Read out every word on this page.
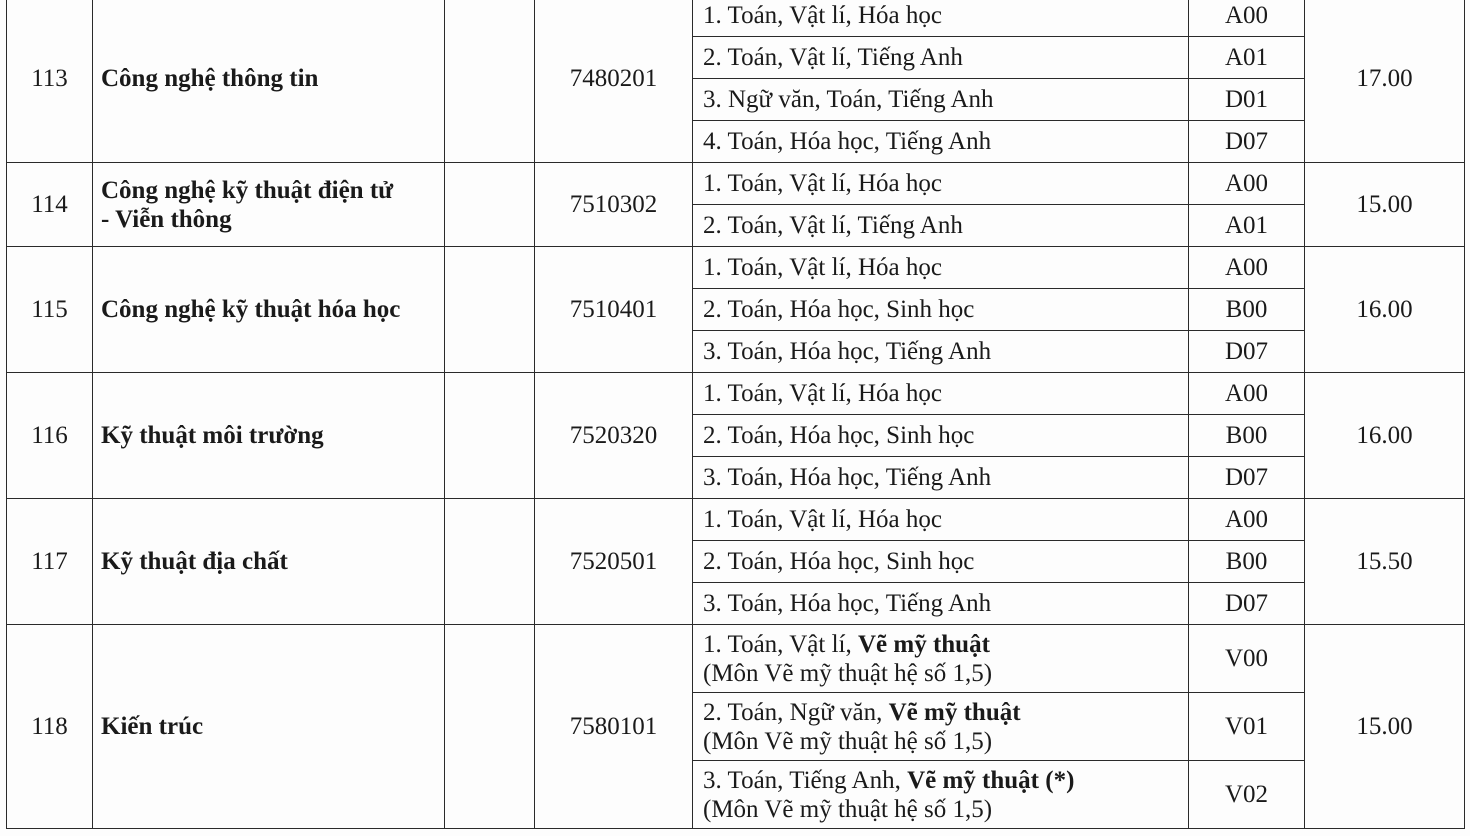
113	Công nghệ thông tin		7480201	1. Toán, Vật lí, Hóa học	A00	17.00
				2. Toán, Vật lí, Tiếng Anh	A01	
				3. Ngữ văn, Toán, Tiếng Anh	D01	
				4. Toán, Hóa học, Tiếng Anh	D07	
114	Công nghệ kỹ thuật điện tử
- Viễn thông		7510302	1. Toán, Vật lí, Hóa học	A00	15.00
				2. Toán, Vật lí, Tiếng Anh	A01	
115	Công nghệ kỹ thuật hóa học		7510401	1. Toán, Vật lí, Hóa học	A00	16.00
				2. Toán, Hóa học, Sinh học	B00	
				3. Toán, Hóa học, Tiếng Anh	D07	
116	Kỹ thuật môi trường		7520320	1. Toán, Vật lí, Hóa học	A00	16.00
				2. Toán, Hóa học, Sinh học	B00	
				3. Toán, Hóa học, Tiếng Anh	D07	
117	Kỹ thuật địa chất		7520501	1. Toán, Vật lí, Hóa học	A00	15.50
				2. Toán, Hóa học, Sinh học	B00	
				3. Toán, Hóa học, Tiếng Anh	D07	
118	Kiến trúc		7580101	1. Toán, Vật lí, Vẽ mỹ thuật
(Môn Vẽ mỹ thuật hệ số 1,5)	V00	15.00
				2. Toán, Ngữ văn, Vẽ mỹ thuật
(Môn Vẽ mỹ thuật hệ số 1,5)	V01	
				3. Toán, Tiếng Anh, Vẽ mỹ thuật (*)
(Môn Vẽ mỹ thuật hệ số 1,5)	V02	
